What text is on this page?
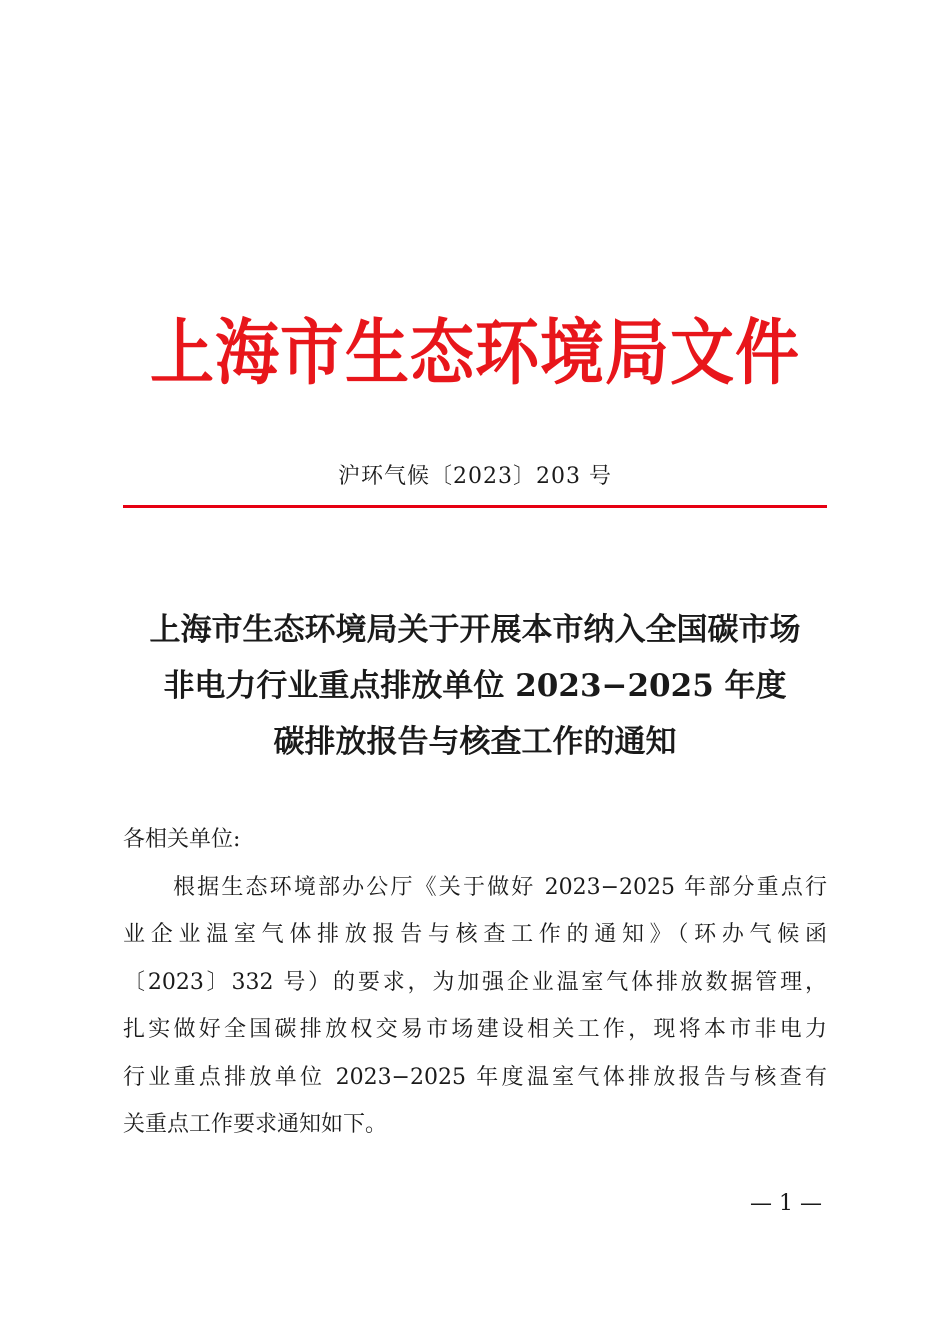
上海市生态环境局文件
沪环气候〔2023〕203 号
上海市生态环境局关于开展本市纳入全国碳市场
非电力行业重点排放单位 2023−2025 年度
碳排放报告与核查工作的通知
各相关单位:
根据生态环境部办公厅《关于做好 2023−2025 年部分重点行
业企业温室气体排放报告与核查工作的通知》（环办气候函
〔2023〕332 号）的要求，为加强企业温室气体排放数据管理，
扎实做好全国碳排放权交易市场建设相关工作，现将本市非电力
行业重点排放单位 2023−2025 年度温室气体排放报告与核查有
关重点工作要求通知如下。
— 1 —
